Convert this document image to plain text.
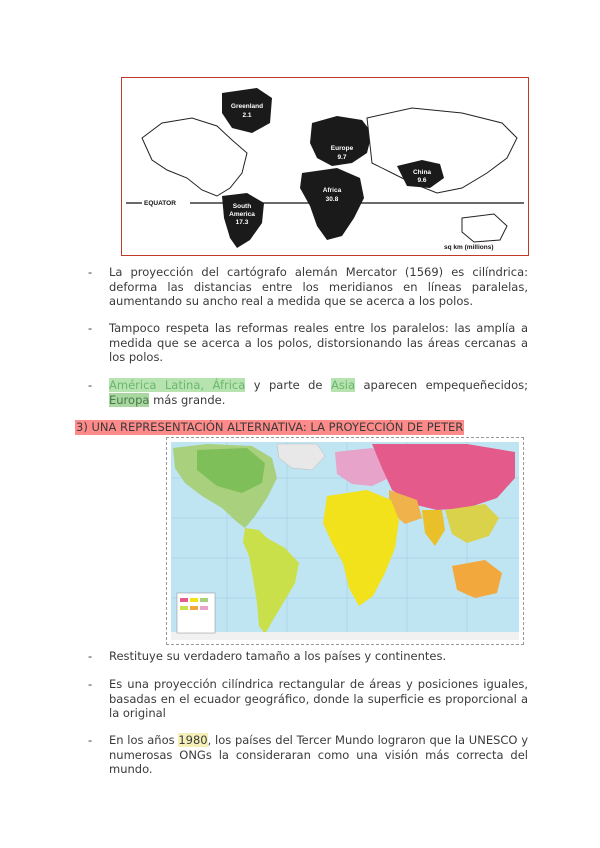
Greenland
2.1
Europe
9.7
China
9.6
Africa
30.8
South
America
17.3
EQUATOR
sq km (millions)
- La proyección del cartógrafo alemán Mercator (1569) es cilíndrica: deforma las distancias entre los meridianos en líneas paralelas, aumentando su ancho real a medida que se acerca a los polos.
- Tampoco respeta las reformas reales entre los paralelos: las amplía a medida que se acerca a los polos, distorsionando las áreas cercanas a los polos.
- América Latina, África y parte de Asia aparecen empequeñecidos; Europa más grande.
3) UNA REPRESENTACIÓN ALTERNATIVA: LA PROYECCIÓN DE PETER
- Restituye su verdadero tamaño a los países y continentes.
- Es una proyección cilíndrica rectangular de áreas y posiciones iguales, basadas en el ecuador geográfico, donde la superficie es proporcional a la original
- En los años 1980, los países del Tercer Mundo lograron que la UNESCO y numerosas ONGs la consideraran como una visión más correcta del mundo.
